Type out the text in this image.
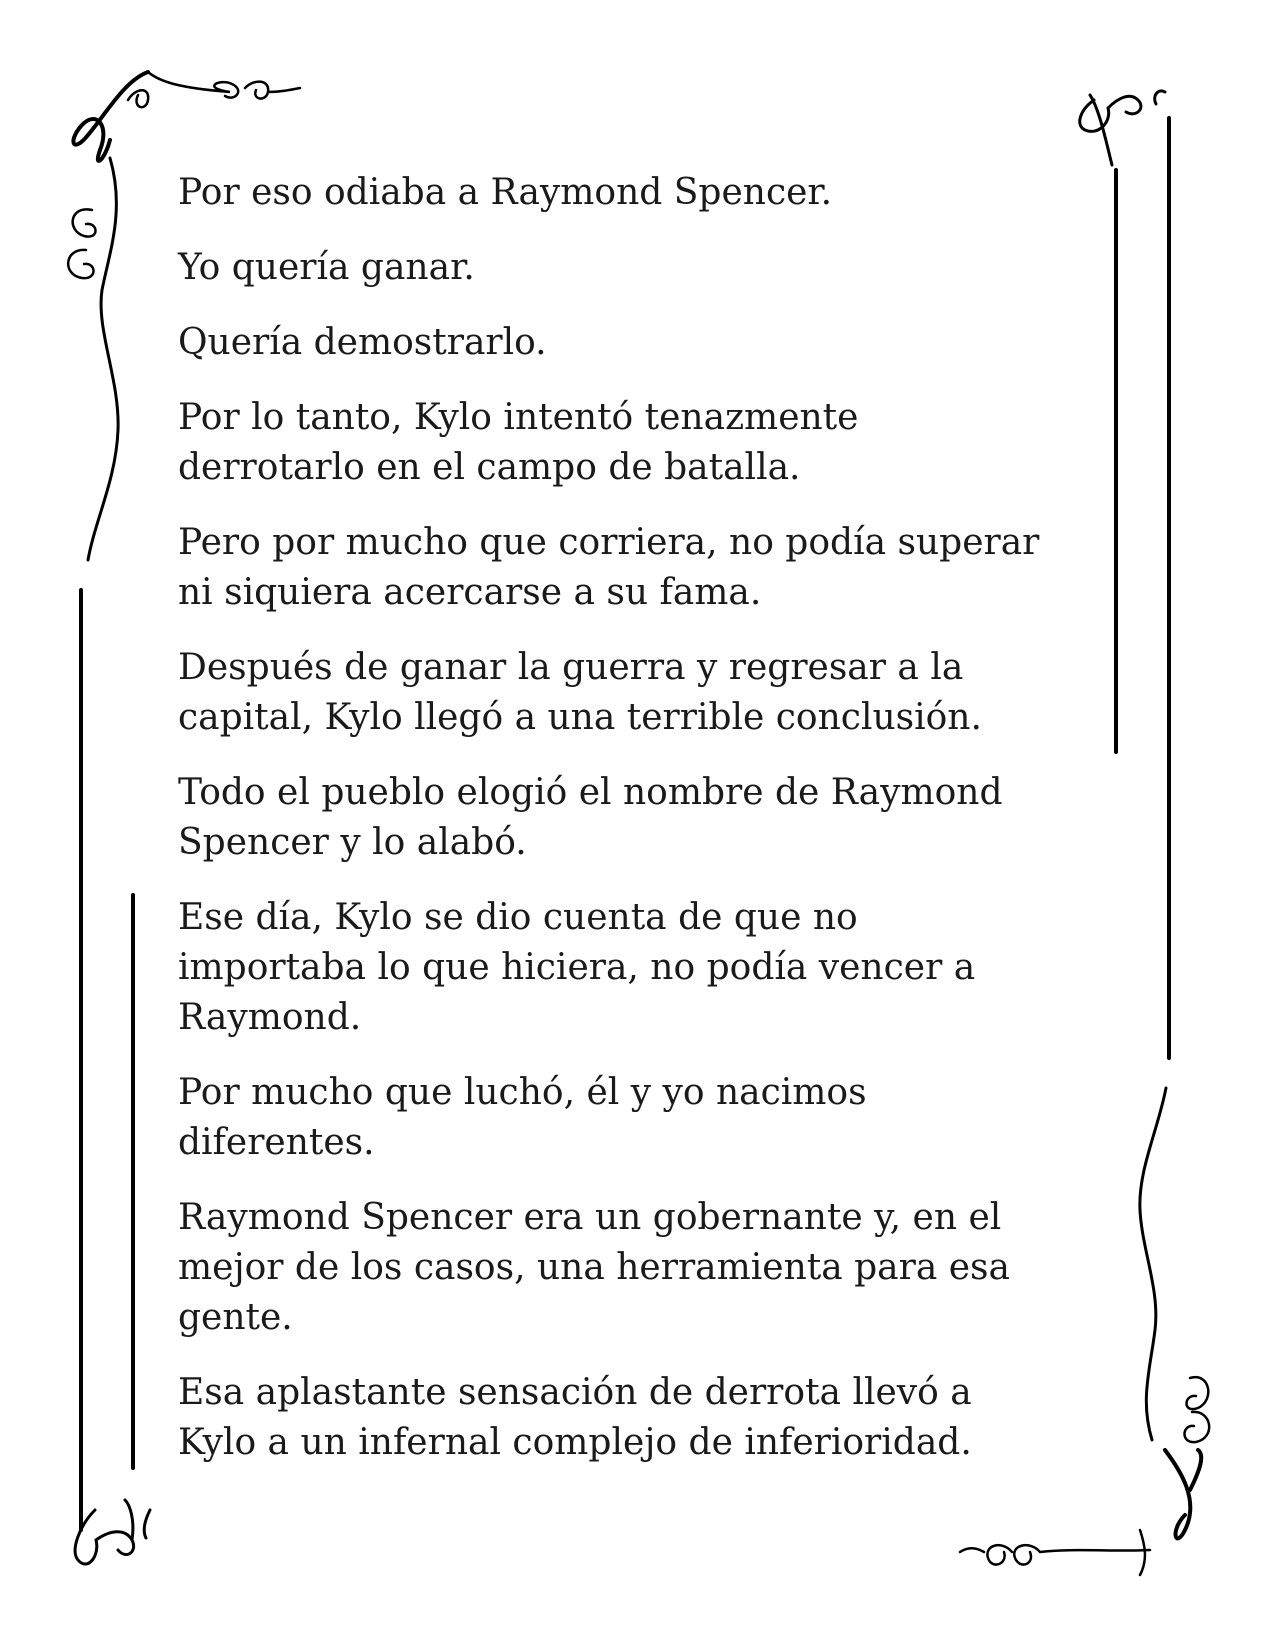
Por eso odiaba a Raymond Spencer.

Yo quería ganar.

Quería demostrarlo.

Por lo tanto, Kylo intentó tenazmente
derrotarlo en el campo de batalla.

Pero por mucho que corriera, no podía superar
ni siquiera acercarse a su fama.

Después de ganar la guerra y regresar a la
capital, Kylo llegó a una terrible conclusión.

Todo el pueblo elogió el nombre de Raymond
Spencer y lo alabó.

Ese día, Kylo se dio cuenta de que no
importaba lo que hiciera, no podía vencer a
Raymond.

Por mucho que luchó, él y yo nacimos
diferentes.

Raymond Spencer era un gobernante y, en el
mejor de los casos, una herramienta para esa
gente.

Esa aplastante sensación de derrota llevó a
Kylo a un infernal complejo de inferioridad.
